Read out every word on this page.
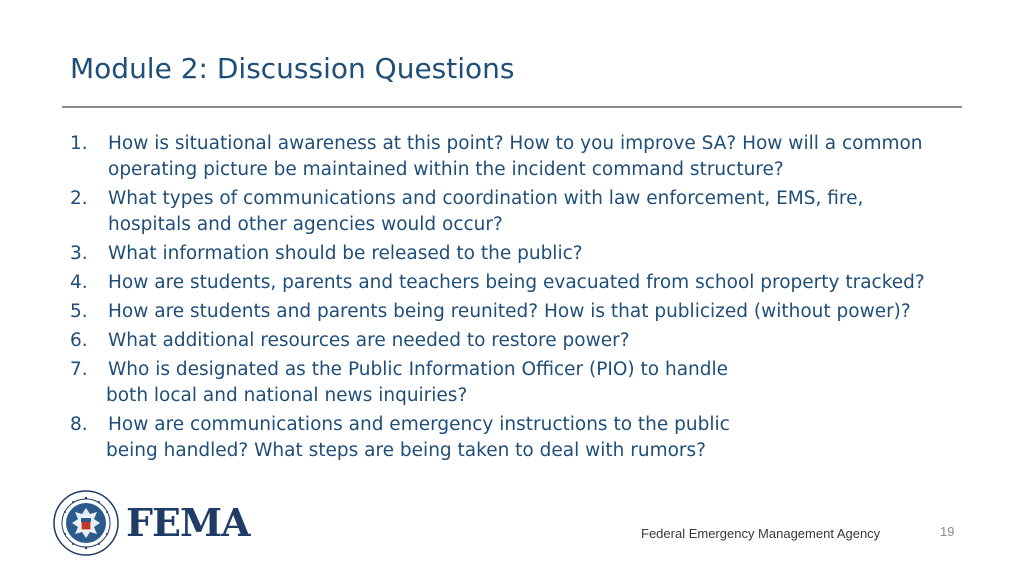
Module 2: Discussion Questions
1. How is situational awareness at this point? How to you improve SA? How will a common
operating picture be maintained within the incident command structure?
2. What types of communications and coordination with law enforcement, EMS, fire,
hospitals and other agencies would occur?
3. What information should be released to the public?
4. How are students, parents and teachers being evacuated from school property tracked?
5. How are students and parents being reunited? How is that publicized (without power)?
6. What additional resources are needed to restore power?
7. Who is designated as the Public Information Officer (PIO) to handle
both local and national news inquiries?
8. How are communications and emergency instructions to the public
being handled? What steps are being taken to deal with rumors?
FEMA	Federal Emergency Management Agency	19
